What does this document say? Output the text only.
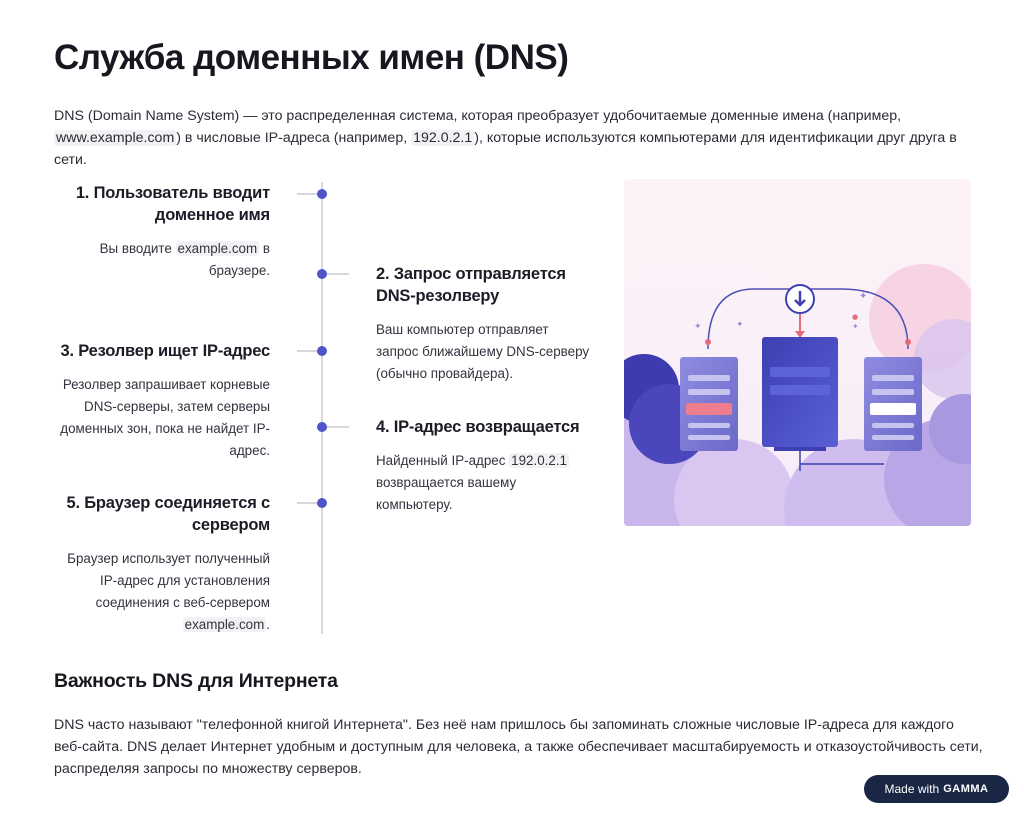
Служба доменных имен (DNS)

DNS (Domain Name System) — это распределенная система, которая преобразует удобочитаемые доменные имена (например, www.example.com ) в числовые IP-адреса (например, 192.0.2.1 ), которые используются компьютерами для идентификации друг друга в сети.

1. Пользователь вводит доменное имя

Вы вводите example.com в браузере.	2. Запрос отправляется DNS-резолверу

Ваш компьютер отправляет запрос ближайшему DNS-серверу (обычно провайдера).

3. Резолвер ищет IP-адрес

Резолвер запрашивает корневые DNS-серверы, затем серверы доменных зон, пока не найдет IP-адрес.

4. IP-адрес возвращается

Найденный IP-адрес 192.0.2.1 возвращается вашему компьютеру.

5. Браузер соединяется с сервером

Браузер использует полученный IP-адрес для установления соединения с веб-сервером example.com .

✦
✦	✦
✦
●
Важность DNS для Интернета

DNS часто называют "телефонной книгой Интернета". Без неё нам пришлось бы запоминать сложные числовые IP-адреса для каждого веб-сайта. DNS делает Интернет удобным и доступным для человека, а также обеспечивает масштабируемость и отказоустойчивость сети, распределяя запросы по множеству серверов.

Made with GAMMA
